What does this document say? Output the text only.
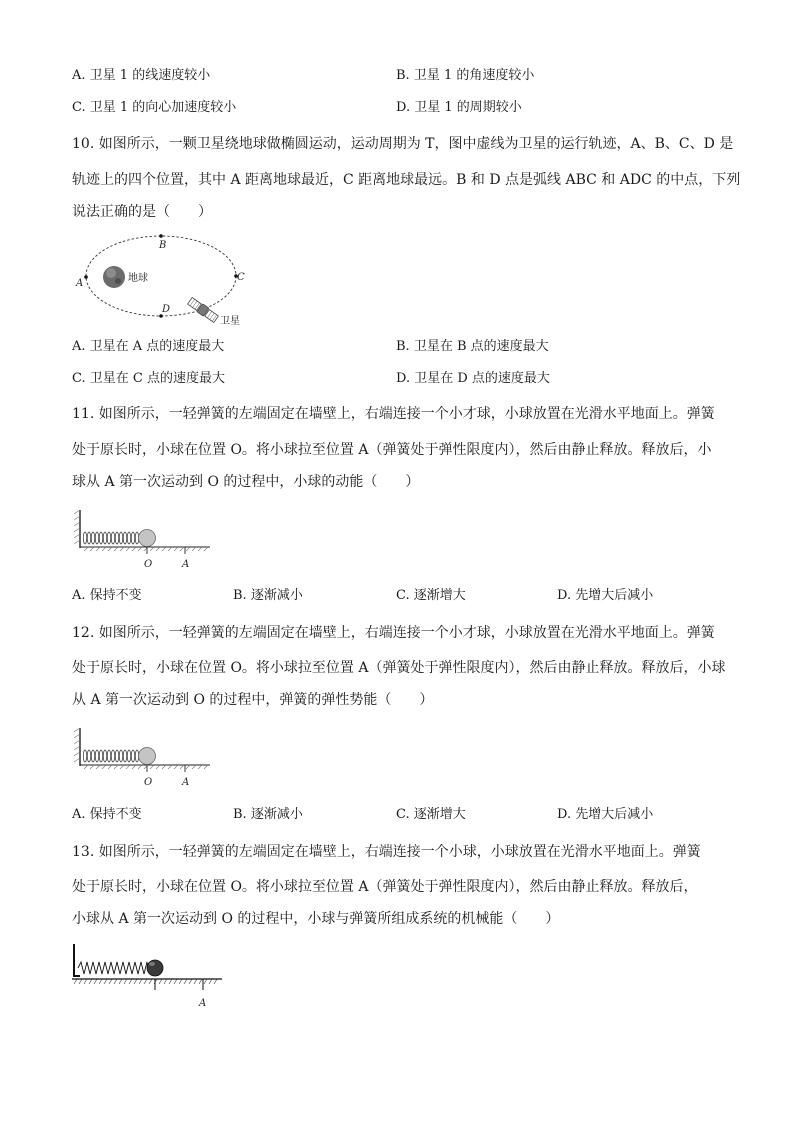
A. 卫星 1 的线速度较小	B. 卫星 1 的角速度较小
C. 卫星 1 的向心加速度较小	D. 卫星 1 的周期较小
10. 如图所示，一颗卫星绕地球做椭圆运动，运动周期为 T，图中虚线为卫星的运行轨迹，A、B、C、D 是
轨迹上的四个位置，其中 A 距离地球最近，C 距离地球最远。B 和 D 点是弧线 ABC 和 ADC 的中点，下列
说法正确的是（　　）
地球
A
B
C
D
卫星
A. 卫星在 A 点的速度最大	B. 卫星在 B 点的速度最大
C. 卫星在 C 点的速度最大	D. 卫星在 D 点的速度最大
11. 如图所示，一轻弹簧的左端固定在墙壁上，右端连接一个小才球，小球放置在光滑水平地面上。弹簧
处于原长时，小球在位置 O。将小球拉至位置 A（弹簧处于弹性限度内），然后由静止释放。释放后，小
球从 A 第一次运动到 O 的过程中，小球的动能（　　）
O	A
A. 保持不变	B. 逐渐减小	C. 逐渐增大	D. 先增大后减小
12. 如图所示，一轻弹簧的左端固定在墙壁上，右端连接一个小才球，小球放置在光滑水平地面上。弹簧
处于原长时，小球在位置 O。将小球拉至位置 A（弹簧处于弹性限度内），然后由静止释放。释放后，小球
从 A 第一次运动到 O 的过程中，弹簧的弹性势能（　　）
O	A
A. 保持不变	B. 逐渐减小	C. 逐渐增大	D. 先增大后减小
13. 如图所示，一轻弹簧的左端固定在墙壁上，右端连接一个小球，小球放置在光滑水平地面上。弹簧
处于原长时，小球在位置 O。将小球拉至位置 A（弹簧处于弹性限度内），然后由静止释放。释放后，
小球从 A 第一次运动到 O 的过程中，小球与弹簧所组成系统的机械能（　　）
A
